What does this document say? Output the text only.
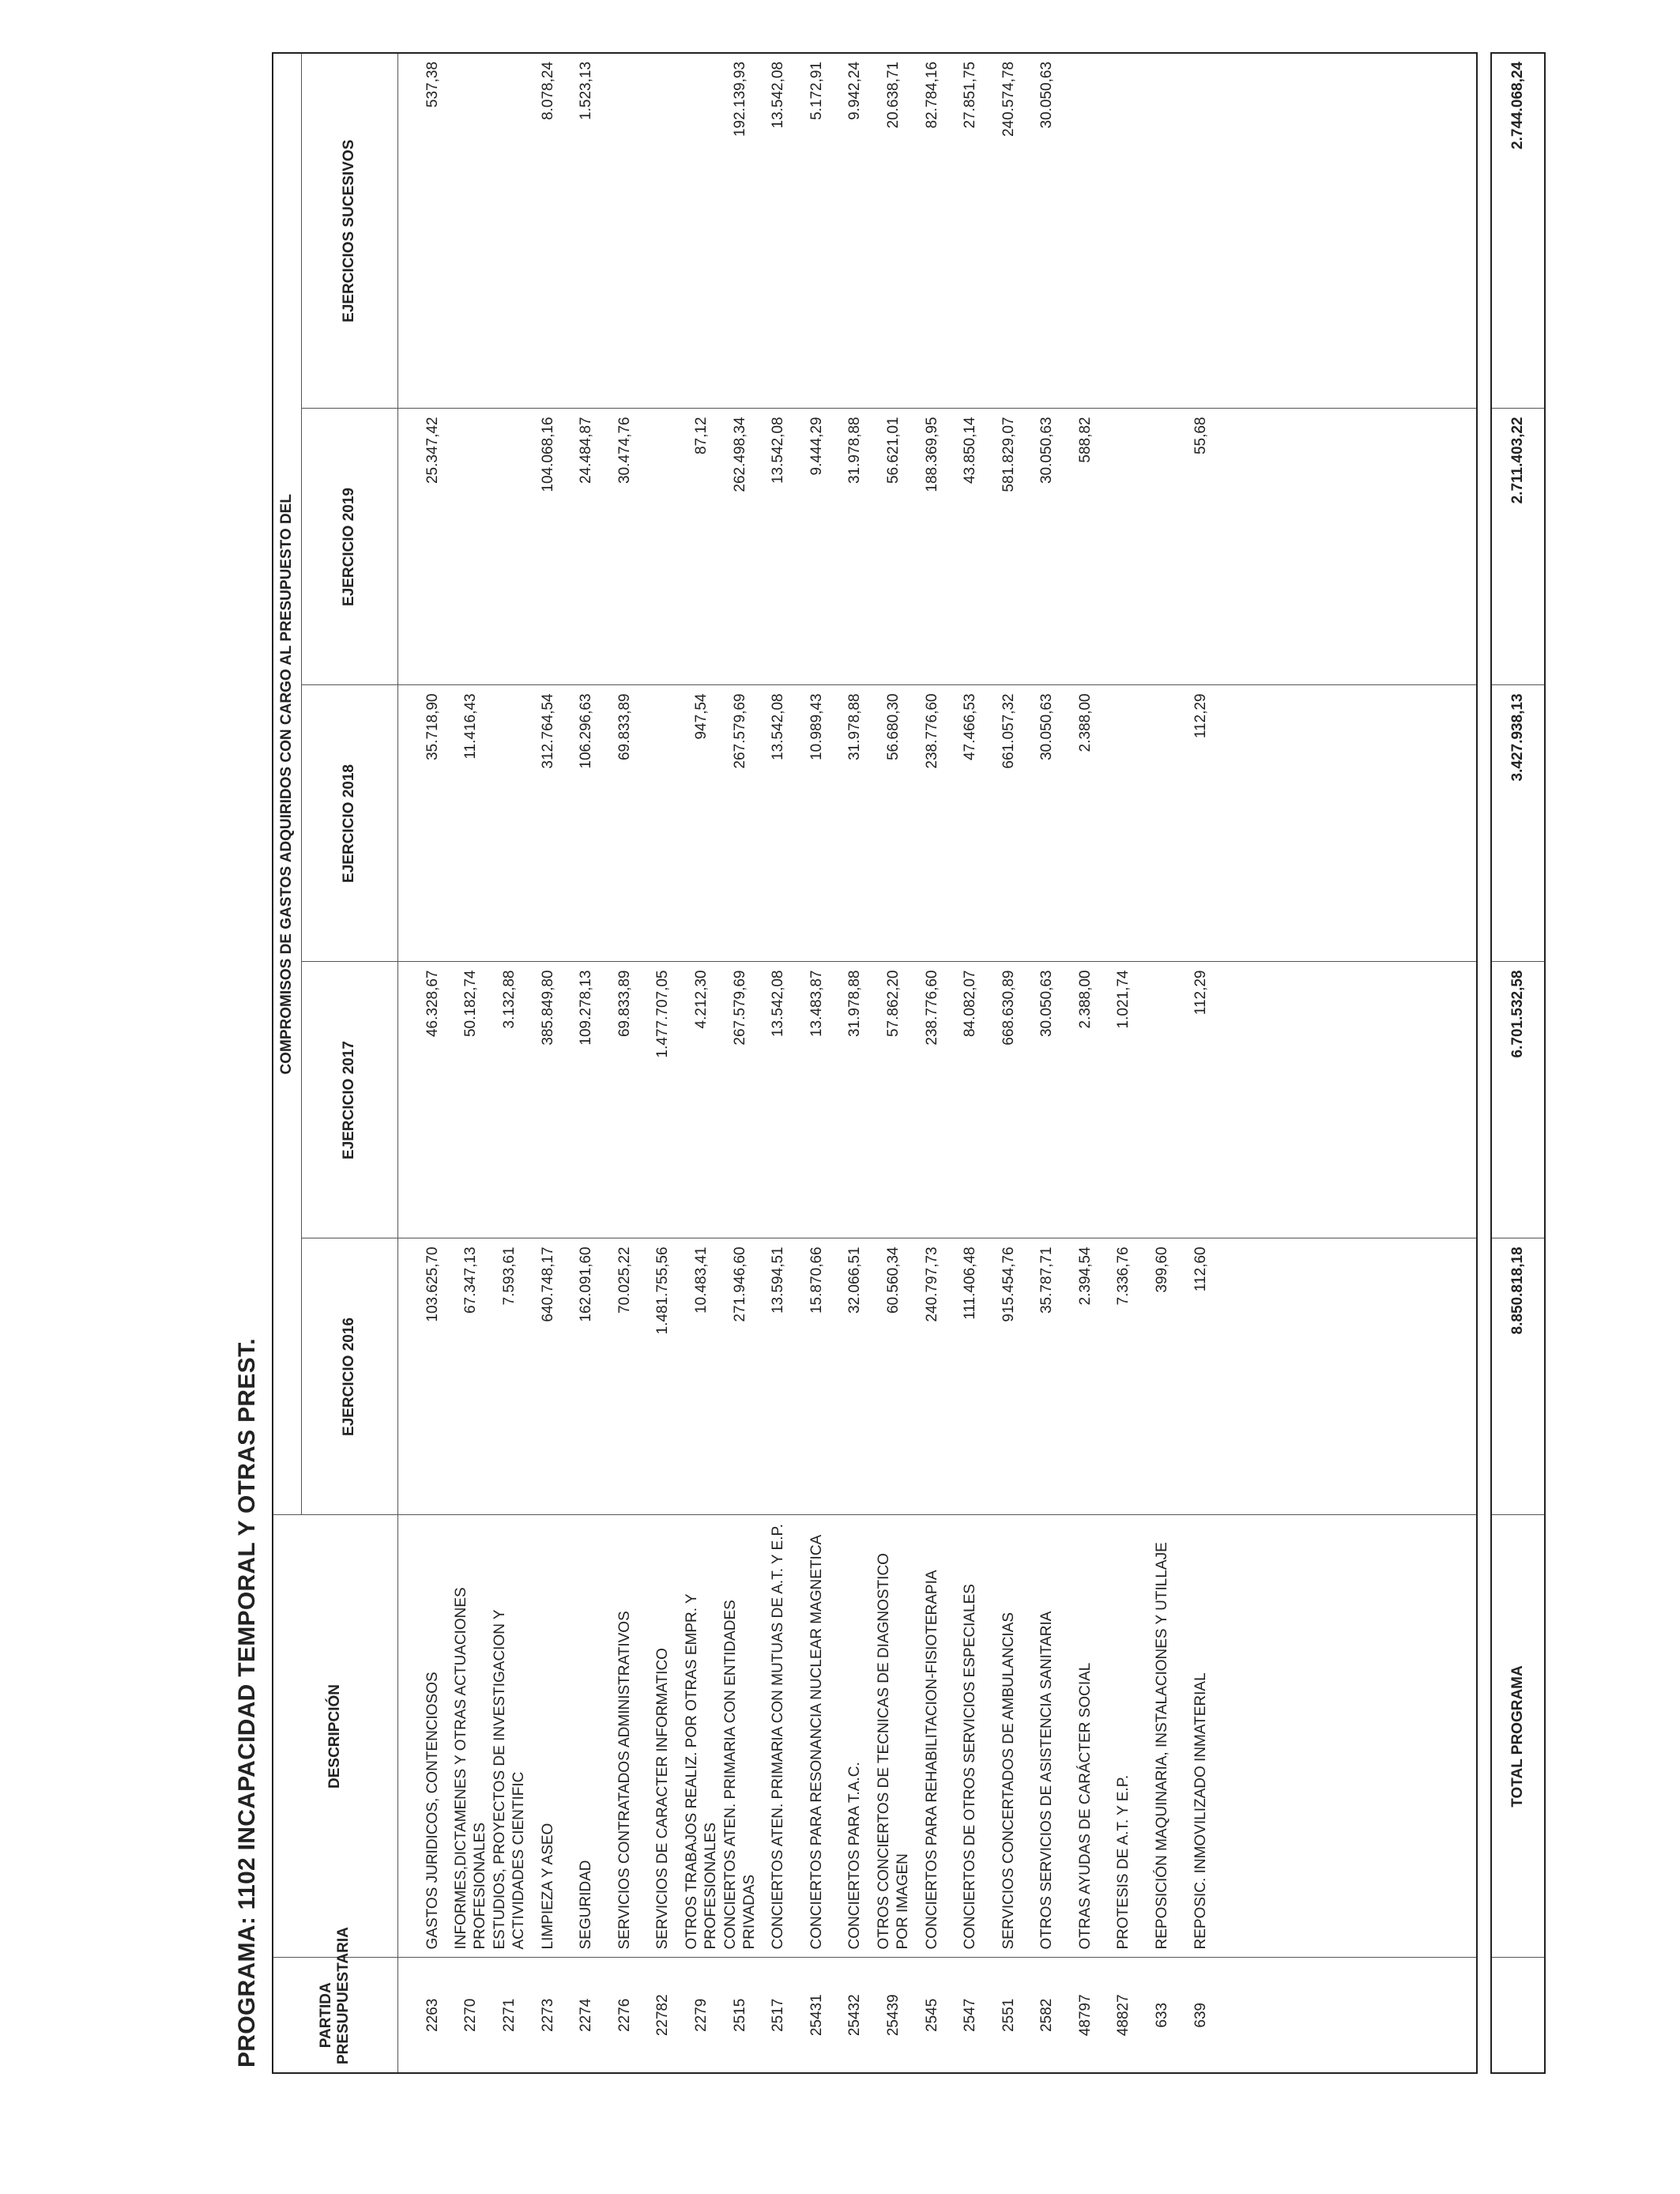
PROGRAMA: 1102 INCAPACIDAD TEMPORAL Y OTRAS PREST.	PARTIDA PRESUPUESTARIA	DESCRIPCIÓN	COMPROMISOS DE GASTOS ADQUIRIDOS CON CARGO AL PRESUPUESTO DEL				
		EJERCICIO 2016	EJERCICIO 2017	EJERCICIO 2018	EJERCICIO 2019	EJERCICIOS SUCESIVOS
2263	GASTOS JURIDICOS, CONTENCIOSOS	103.625,70	46.328,67	35.718,90	25.347,42	537,38
2270	INFORMES,DICTAMENES Y OTRAS ACTUACIONES PROFESIONALES	67.347,13	50.182,74	11.416,43		
2271	ESTUDIOS, PROYECTOS DE INVESTIGACION Y ACTIVIDADES CIENTIFIC	7.593,61	3.132,88			
2273	LIMPIEZA Y ASEO	640.748,17	385.849,80	312.764,54	104.068,16	8.078,24
2274	SEGURIDAD	162.091,60	109.278,13	106.296,63	24.484,87	1.523,13
2276	SERVICIOS CONTRATADOS ADMINISTRATIVOS	70.025,22	69.833,89	69.833,89	30.474,76	
22782	SERVICIOS DE CARACTER INFORMATICO	1.481.755,56	1.477.707,05			
2279	OTROS TRABAJOS REALIZ. POR OTRAS EMPR. Y PROFESIONALES	10.483,41	4.212,30	947,54	87,12	
2515	CONCIERTOS ATEN. PRIMARIA CON ENTIDADES PRIVADAS	271.946,60	267.579,69	267.579,69	262.498,34	192.139,93
2517	CONCIERTOS ATEN. PRIMARIA CON MUTUAS DE A.T. Y E.P.	13.594,51	13.542,08	13.542,08	13.542,08	13.542,08
25431	CONCIERTOS PARA RESONANCIA NUCLEAR MAGNETICA	15.870,66	13.483,87	10.989,43	9.444,29	5.172,91
25432	CONCIERTOS PARA T.A.C.	32.066,51	31.978,88	31.978,88	31.978,88	9.942,24
25439	OTROS CONCIERTOS DE TECNICAS DE DIAGNOSTICO POR IMAGEN	60.560,34	57.862,20	56.680,30	56.621,01	20.638,71
2545	CONCIERTOS PARA REHABILITACION-FISIOTERAPIA	240.797,73	238.776,60	238.776,60	188.369,95	82.784,16
2547	CONCIERTOS DE OTROS SERVICIOS ESPECIALES	111.406,48	84.082,07	47.466,53	43.850,14	27.851,75
2551	SERVICIOS CONCERTADOS DE AMBULANCIAS	915.454,76	668.630,89	661.057,32	581.829,07	240.574,78
2582	OTROS SERVICIOS DE ASISTENCIA SANITARIA	35.787,71	30.050,63	30.050,63	30.050,63	30.050,63
48797	OTRAS AYUDAS DE CARÁCTER SOCIAL	2.394,54	2.388,00	2.388,00	588,82	
48827	PROTESIS DE A.T. Y E.P.	7.336,76	1.021,74			
633	REPOSICIÓN MAQUINARIA, INSTALACIONES Y UTILLAJE	399,60				
639	REPOSIC. INMOVILIZADO INMATERIAL	112,60	112,29	112,29	55,68	

	TOTAL PROGRAMA	8.850.818,18	6.701.532,58	3.427.938,13	2.711.403,22	2.744.068,24
